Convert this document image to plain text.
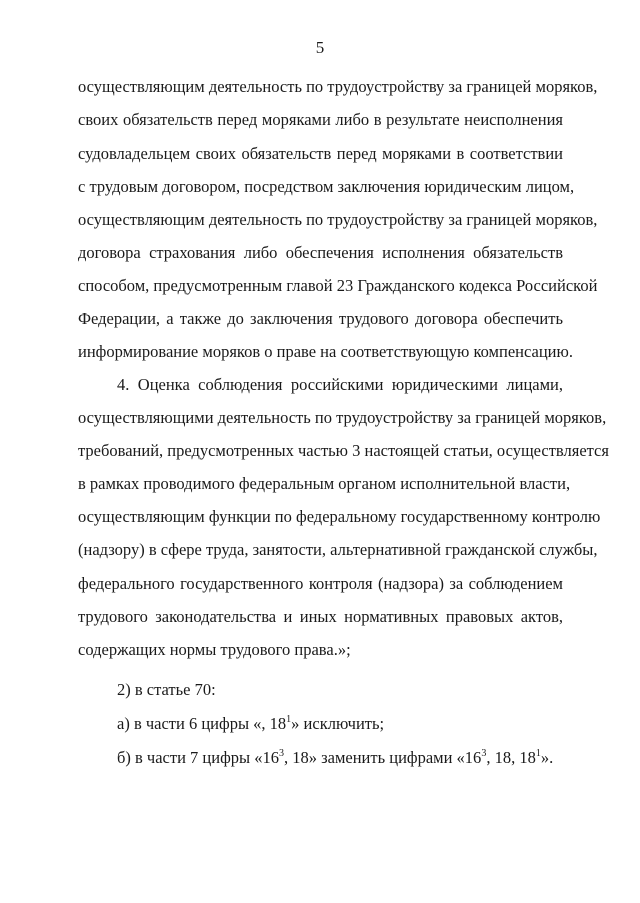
5
осуществляющим деятельность по трудоустройству за границей моряков,
своих обязательств перед моряками либо в результате неисполнения
судовладельцем своих обязательств перед моряками в соответствии
с трудовым договором, посредством заключения юридическим лицом,
осуществляющим деятельность по трудоустройству за границей моряков,
договора страхования либо обеспечения исполнения обязательств
способом, предусмотренным главой 23 Гражданского кодекса Российской
Федерации, а также до заключения трудового договора обеспечить
информирование моряков о праве на соответствующую компенсацию.
4. Оценка соблюдения российскими юридическими лицами,
осуществляющими деятельность по трудоустройству за границей моряков,
требований, предусмотренных частью 3 настоящей статьи, осуществляется
в рамках проводимого федеральным органом исполнительной власти,
осуществляющим функции по федеральному государственному контролю
(надзору) в сфере труда, занятости, альтернативной гражданской службы,
федерального государственного контроля (надзора) за соблюдением
трудового законодательства и иных нормативных правовых актов,
содержащих нормы трудового права.»;
2) в статье 70:
а) в части 6 цифры «, $18^1$» исключить;
б) в части 7 цифры «$16^3$, 18» заменить цифрами «$16^3$, 18, $18^1$».
